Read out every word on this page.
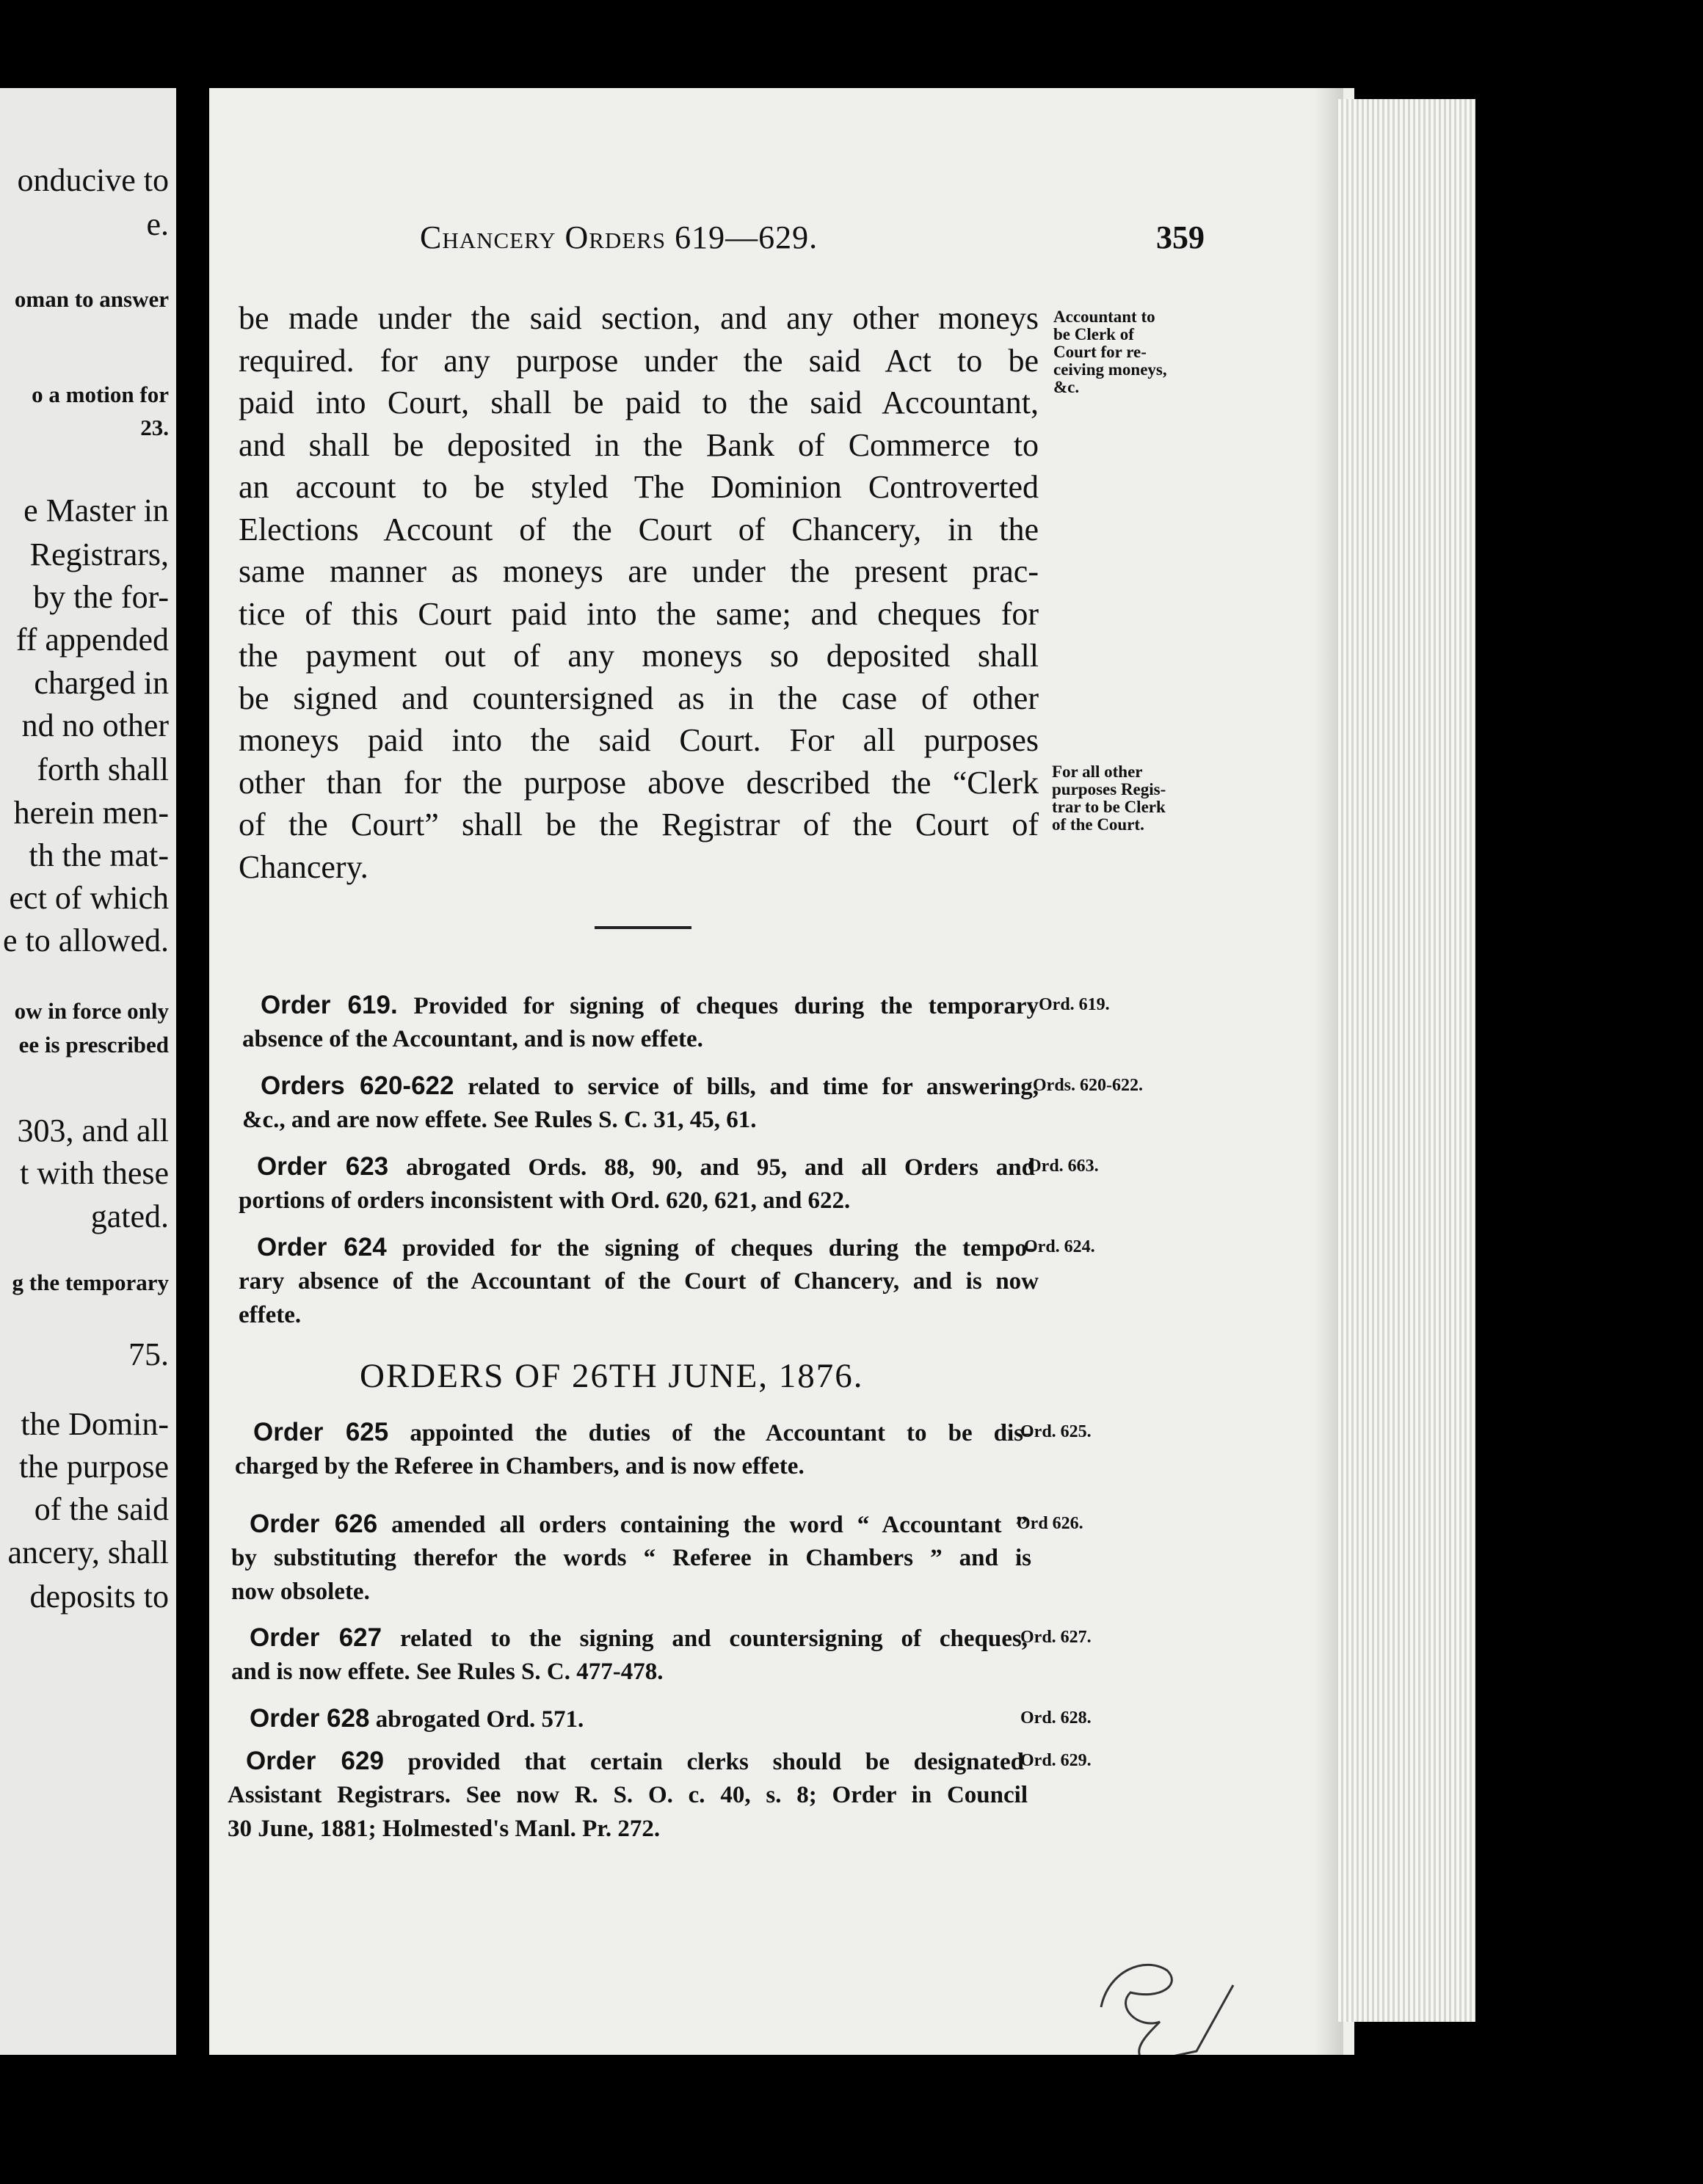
onducive to
e.
oman to answer
o a motion for
23.
e Master in
Registrars,
by the for-
ff appended
charged in
nd no other
forth shall
herein men-
th the mat-
ect of which
e to allowed.
ow in force only
ee is prescribed
303, and all
t with these
gated.
g the temporary
75.
the Domin-
the purpose
of the said
ancery, shall
deposits to
Chancery Orders 619—629.	359
be made under the said section, and any other moneys
required. for any purpose under the said Act to be
paid into Court, shall be paid to the said Accountant,
and shall be deposited in the Bank of Commerce to
an account to be styled The Dominion Controverted
Elections Account of the Court of Chancery, in the
same manner as moneys are under the present prac-
tice of this Court paid into the same; and cheques for
the payment out of any moneys so deposited shall
be signed and countersigned as in the case of other
moneys paid into the said Court. For all purposes
other than for the purpose above described the “Clerk
of the Court” shall be the Registrar of the Court of
Chancery.
Accountant to
be Clerk of
Court for re-
ceiving moneys,
&c.
For all other
purposes Regis-
trar to be Clerk
of the Court.
ORDERS OF 26TH JUNE, 1876.
Ord. 619.
Order 619. Provided for signing of cheques during the temporary
absence of the Accountant, and is now effete.
Ords. 620-622.
Orders 620-622 related to service of bills, and time for answering,
&c., and are now effete. See Rules S. C. 31, 45, 61.
Ord. 663.
Order 623 abrogated Ords. 88, 90, and 95, and all Orders and
portions of orders inconsistent with Ord. 620, 621, and 622.
Ord. 624.
Order 624 provided for the signing of cheques during the tempo-
rary absence of the Accountant of the Court of Chancery, and is now
effete.
Ord. 625.
Order 625 appointed the duties of the Accountant to be dis-
charged by the Referee in Chambers, and is now effete.
Ord 626.
Order 626 amended all orders containing the word “ Accountant ”
by substituting therefor the words “ Referee in Chambers ” and is
now obsolete.
Ord. 627.
Order 627 related to the signing and countersigning of cheques,
and is now effete. See Rules S. C. 477-478.
Ord. 628.
Order 628 abrogated Ord. 571.
Ord. 629.
Order 629 provided that certain clerks should be designated
Assistant Registrars. See now R. S. O. c. 40, s. 8; Order in Council
30 June, 1881; Holmested's Manl. Pr. 272.
